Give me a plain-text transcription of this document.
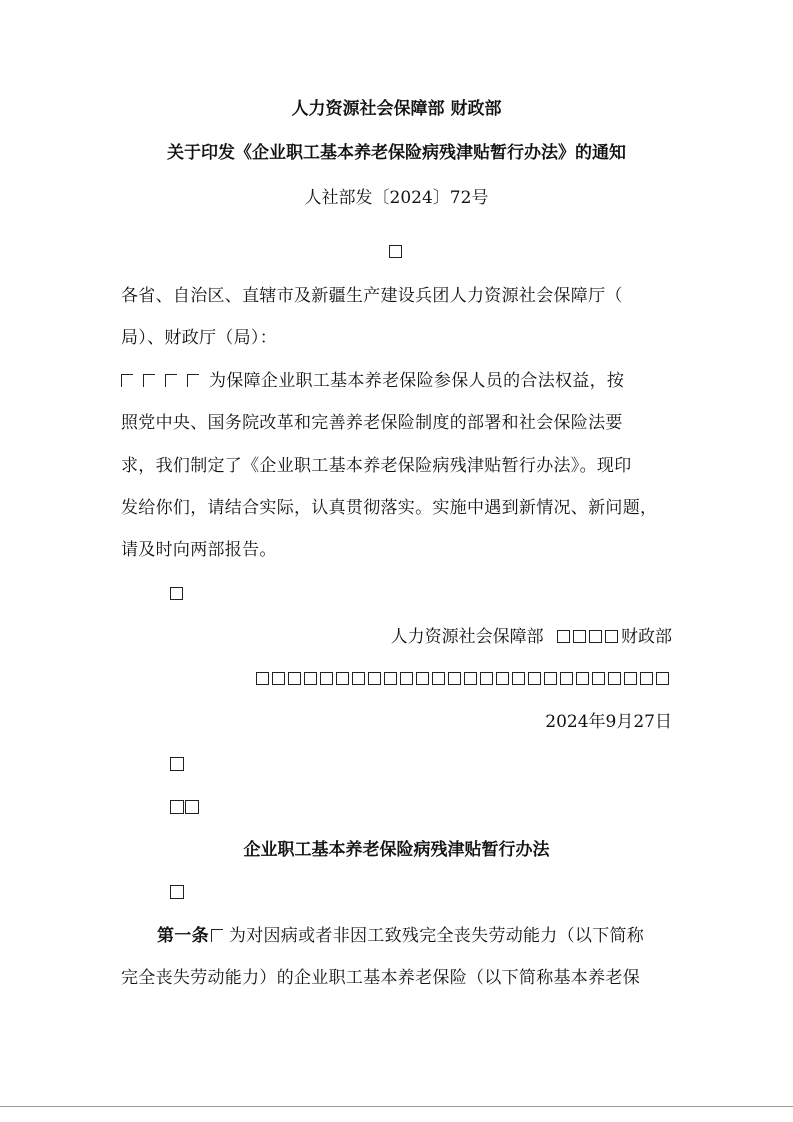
人力资源社会保障部 财政部
关于印发《企业职工基本养老保险病残津贴暂行办法》的通知
人社部发〔2024〕72号
各省、自治区、直辖市及新疆生产建设兵团人力资源社会保障厅（
局）、财政厅（局）：
为保障企业职工基本养老保险参保人员的合法权益，按
照党中央、国务院改革和完善养老保险制度的部署和社会保险法要
求，我们制定了《企业职工基本养老保险病残津贴暂行办法》。现印
发给你们，请结合实际，认真贯彻落实。实施中遇到新情况、新问题，
请及时向两部报告。
人力资源社会保障部	财政部
2024年9月27日
企业职工基本养老保险病残津贴暂行办法
第一条 为对因病或者非因工致残完全丧失劳动能力（以下简称
完全丧失劳动能力）的企业职工基本养老保险（以下简称基本养老保
